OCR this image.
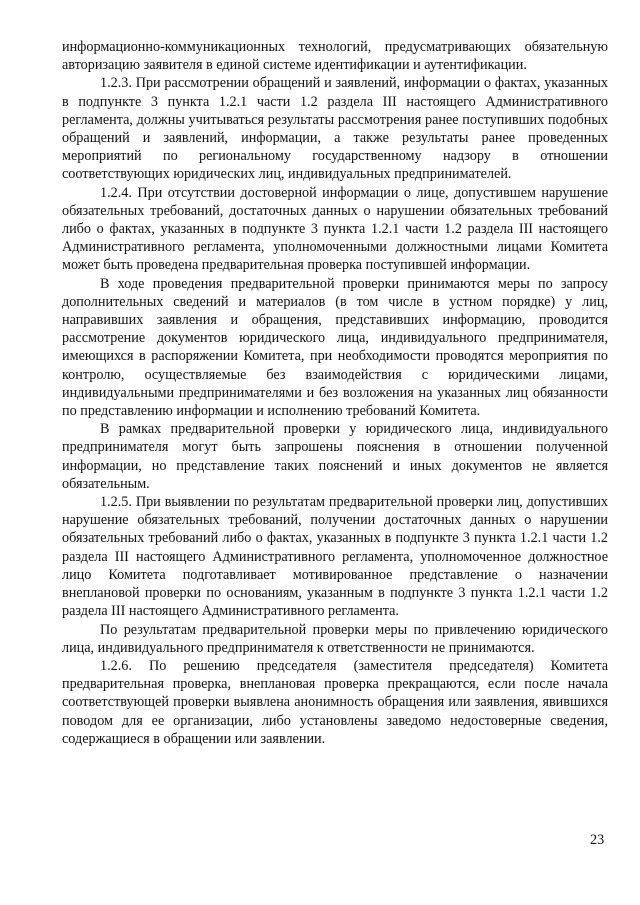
информационно-коммуникационных технологий, предусматривающих обязательную авторизацию заявителя в единой системе идентификации и аутентификации.

1.2.3. При рассмотрении обращений и заявлений, информации о фактах, указанных в подпункте 3 пункта 1.2.1 части 1.2 раздела III настоящего Административного регламента, должны учитываться результаты рассмотрения ранее поступивших подобных обращений и заявлений, информации, а также результаты ранее проведенных мероприятий по региональному государственному надзору в отношении соответствующих юридических лиц, индивидуальных предпринимателей.

1.2.4. При отсутствии достоверной информации о лице, допустившем нарушение обязательных требований, достаточных данных о нарушении обязательных требований либо о фактах, указанных в подпункте 3 пункта 1.2.1 части 1.2 раздела III настоящего Административного регламента, уполномоченными должностными лицами Комитета может быть проведена предварительная проверка поступившей информации.

В ходе проведения предварительной проверки принимаются меры по запросу дополнительных сведений и материалов (в том числе в устном порядке) у лиц, направивших заявления и обращения, представивших информацию, проводится рассмотрение документов юридического лица, индивидуального предпринимателя, имеющихся в распоряжении Комитета, при необходимости проводятся мероприятия по контролю, осуществляемые без взаимодействия с юридическими лицами, индивидуальными предпринимателями и без возложения на указанных лиц обязанности по представлению информации и исполнению требований Комитета.

В рамках предварительной проверки у юридического лица, индивидуального предпринимателя могут быть запрошены пояснения в отношении полученной информации, но представление таких пояснений и иных документов не является обязательным.

1.2.5. При выявлении по результатам предварительной проверки лиц, допустивших нарушение обязательных требований, получении достаточных данных о нарушении обязательных требований либо о фактах, указанных в подпункте 3 пункта 1.2.1 части 1.2 раздела III настоящего Административного регламента, уполномоченное должностное лицо Комитета подготавливает мотивированное представление о назначении внеплановой проверки по основаниям, указанным в подпункте 3 пункта 1.2.1 части 1.2 раздела III настоящего Административного регламента.

По результатам предварительной проверки меры по привлечению юридического лица, индивидуального предпринимателя к ответственности не принимаются.

1.2.6. По решению председателя (заместителя председателя) Комитета предварительная проверка, внеплановая проверка прекращаются, если после начала соответствующей проверки выявлена анонимность обращения или заявления, явившихся поводом для ее организации, либо установлены заведомо недостоверные сведения, содержащиеся в обращении или заявлении.

23
